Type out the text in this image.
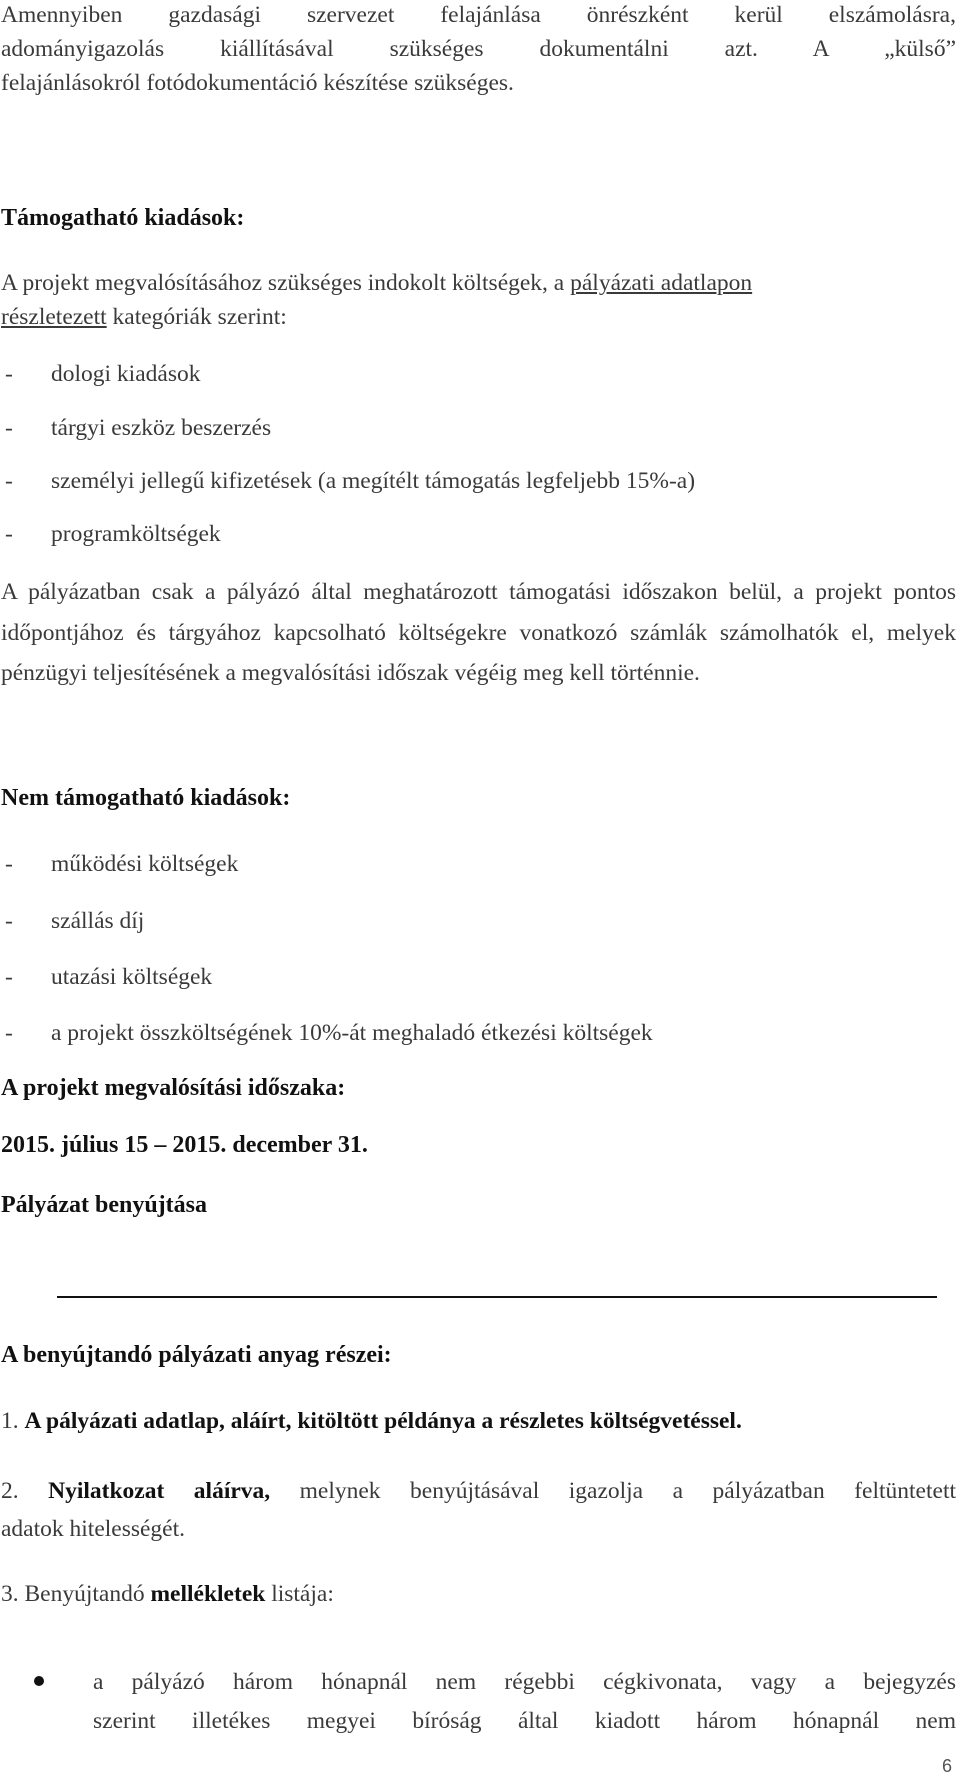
Amennyiben gazdasági szervezet felajánlása önrészként kerül elszámolásra,
adományigazolás kiállításával szükséges dokumentálni azt. A „külső”
felajánlásokról fotódokumentáció készítése szükséges.
Támogatható kiadások:
A projekt megvalósításához szükséges indokolt költségek, a pályázati adatlapon
részletezett kategóriák szerint:
- dologi kiadások
- tárgyi eszköz beszerzés
- személyi jellegű kifizetések (a megítélt támogatás legfeljebb 15%-a)
- programköltségek
A pályázatban csak a pályázó által meghatározott támogatási időszakon belül, a projekt pontos időpontjához és tárgyához kapcsolható költségekre vonatkozó számlák számolhatók el, melyek pénzügyi teljesítésének a megvalósítási időszak végéig meg kell történnie.
Nem támogatható kiadások:
- működési költségek
- szállás díj
- utazási költségek
- a projekt összköltségének 10%-át meghaladó étkezési költségek
A projekt megvalósítási időszaka:
2015. július 15 – 2015. december 31.
Pályázat benyújtása
A benyújtandó pályázati anyag részei:
1. A pályázati adatlap, aláírt, kitöltött példánya a részletes költségvetéssel.
2. Nyilatkozat aláírva, melynek benyújtásával igazolja a pályázatban feltüntetett
adatok hitelességét.
3. Benyújtandó mellékletek listája:
a pályázó három hónapnál nem régebbi cégkivonata, vagy a bejegyzés
szerint illetékes megyei bíróság által kiadott három hónapnál nem
6
